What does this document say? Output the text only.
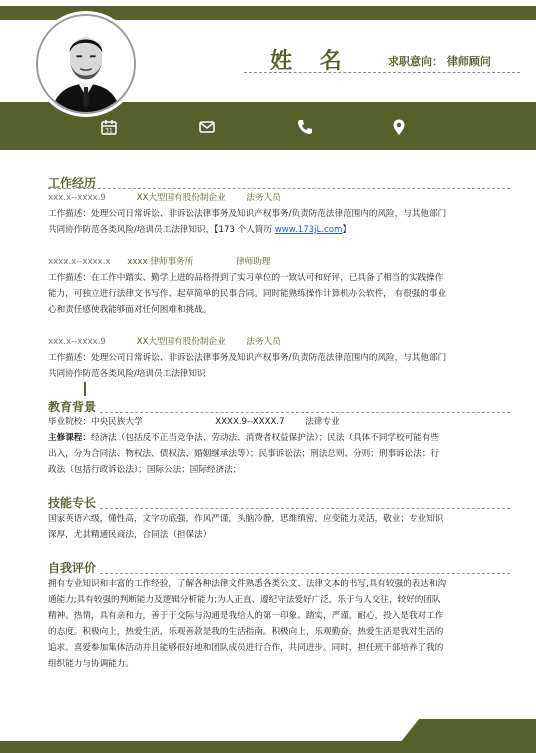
姓 名	求职意向： 律师顾问
31
工作经历
xxx.x--xxxx.9	XX大型国有股份制企业 法务人员
工作描述：处理公司日常诉讼、非诉讼法律事务及知识产权事务/负责防范法律范围内的风险，与其他部门
共同协作防范各类风险/培训员工法律知识，【173 个人简历 www.173jL.com】
xxxx.x--xxxx.x xxxx 律师事务所	律师助理
工作描述：在工作中踏实、勤学上进的品格得到了实习单位的一致认可和好评，已具备了相当的实践操作
能力，可独立进行法律文书写作、起草简单的民事合同。同时能熟练操作计算机办公软件， 有很强的事业
心和责任感使我能够面对任何困难和挑战。
xxx.x--xxxx.9	XX大型国有股份制企业 法务人员
工作描述：处理公司日常诉讼、非诉讼法律事务及知识产权事务/负责防范法律范围内的风险，与其他部门
共同协作防范各类风险/培训员工法律知识
教育背景
毕业院校：中央民族大学	XXXX.9--XXXX.7 法律专业
主修课程：经济法（包括反不正当竞争法、劳动法、消费者权益保护法）；民法（具体不同学校可能有些
出入，分为合同法、物权法、债权法、婚姻继承法等）；民事诉讼法；刑法总则、分则；刑事诉讼法；行
政法（包括行政诉讼法）；国际公法；国际经济法；
技能专长
国家英语六级，懂性高，文字功底强，作风严谨，头脑冷静，思维缜密，应变能力灵活，敬业；专业知识
深厚，尤其精通民商法，合同法（担保法）
自我评价
拥有专业知识和丰富的工作经验，了解各种法律文件熟悉各类公文、法律文本的书写,具有较强的表达和沟
通能力;具有较强的判断能力及逻辑分析能力;为人正直、遵纪守法爱好广泛，乐于与人交往，较好的团队
精神。热情，具有亲和力，善于于交际与沟通是我给人的第一印象。踏实，严谨，耐心，投入是我对工作
的态度。积极向上，热爱生活，乐观善款是我的生活指南。积极向上，乐观勤奋，热爱生活是我对生活的
追求。喜爱参加集体活动并且能够很好地和团队成员进行合作，共同进步。同时，担任班干部培养了我的
组织能力与协调能力。
